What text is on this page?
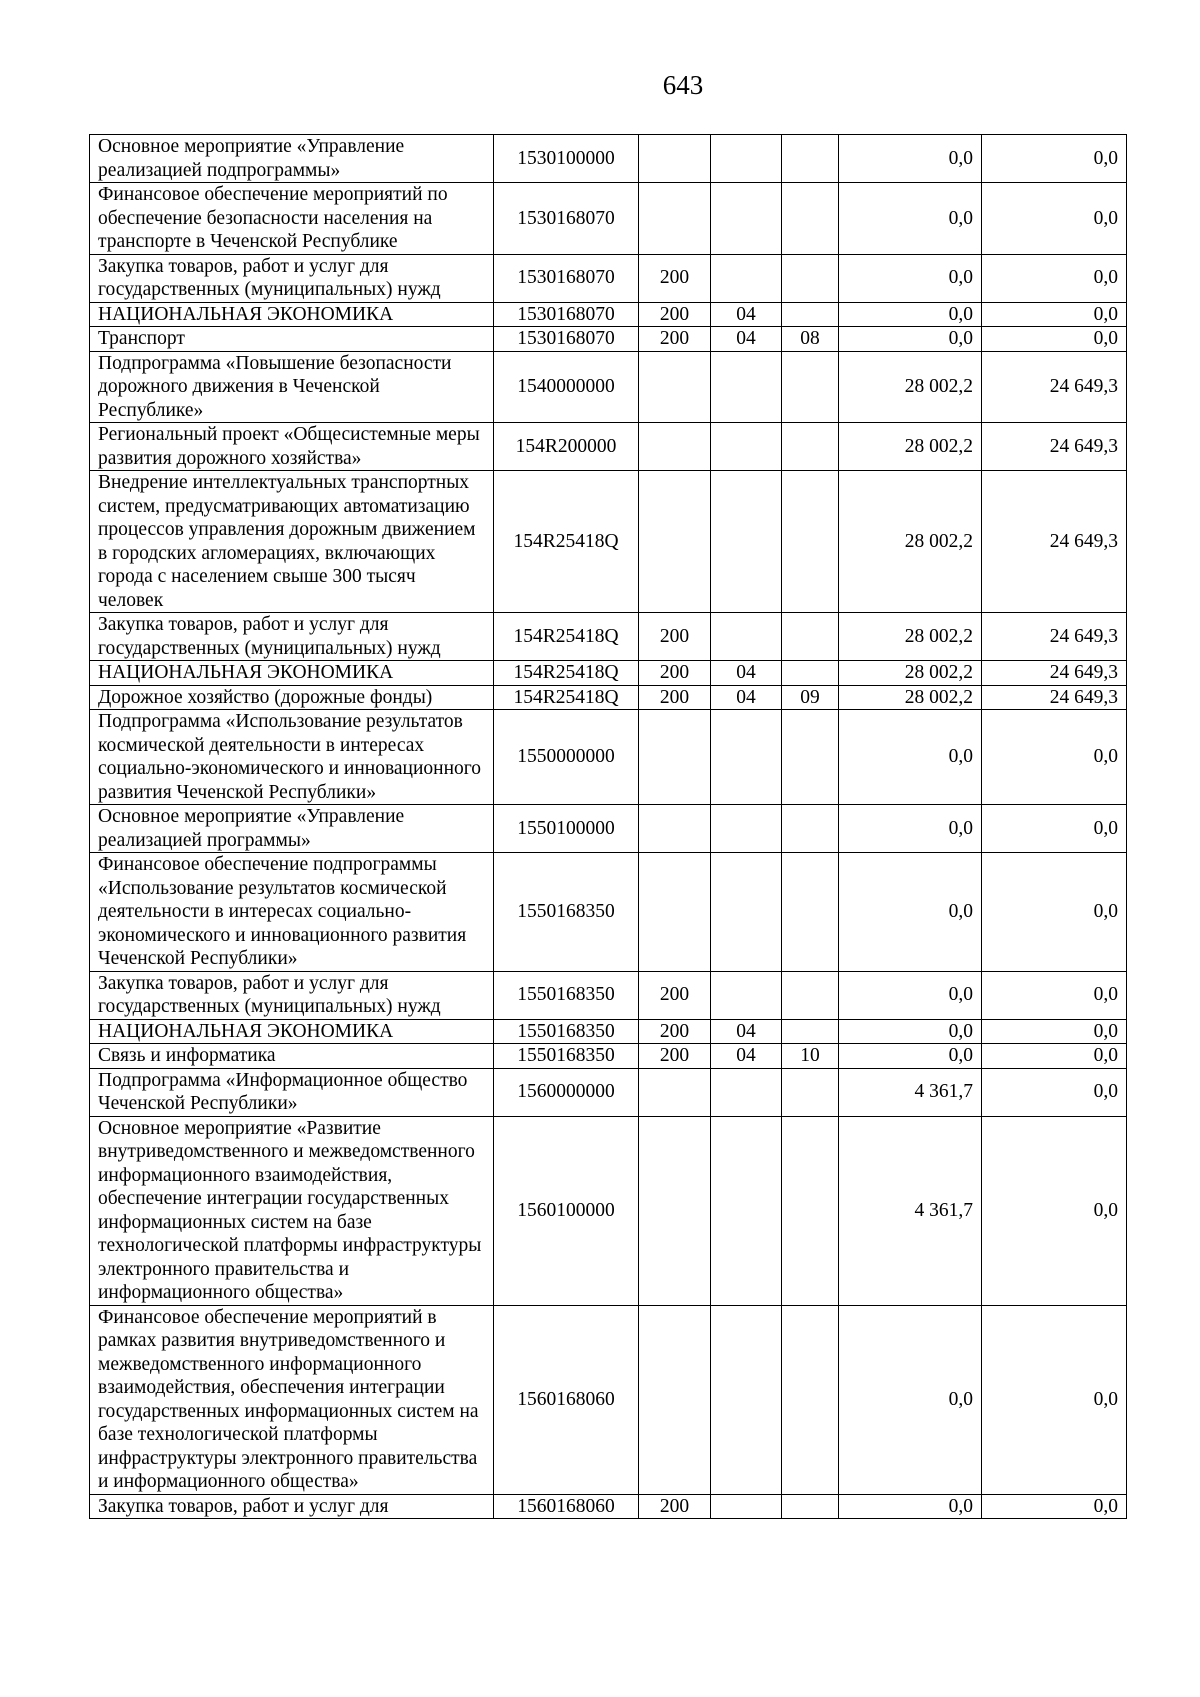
643
Основное мероприятие «Управление реализацией подпрограммы»	1530100000				0,0	0,0
Финансовое обеспечение мероприятий по обеспечение безопасности населения на транспорте в Чеченской Республике	1530168070				0,0	0,0
Закупка товаров, работ и услуг для государственных (муниципальных) нужд	1530168070	200			0,0	0,0
НАЦИОНАЛЬНАЯ ЭКОНОМИКА	1530168070	200	04		0,0	0,0
Транспорт	1530168070	200	04	08	0,0	0,0
Подпрограмма «Повышение безопасности дорожного движения в Чеченской Республике»	1540000000				28 002,2	24 649,3
Региональный проект «Общесистемные меры развития дорожного хозяйства»	154R200000				28 002,2	24 649,3
Внедрение интеллектуальных транспортных систем, предусматривающих автоматизацию процессов управления дорожным движением в городских агломерациях, включающих города с населением свыше 300 тысяч человек	154R25418Q				28 002,2	24 649,3
Закупка товаров, работ и услуг для государственных (муниципальных) нужд	154R25418Q	200			28 002,2	24 649,3
НАЦИОНАЛЬНАЯ ЭКОНОМИКА	154R25418Q	200	04		28 002,2	24 649,3
Дорожное хозяйство (дорожные фонды)	154R25418Q	200	04	09	28 002,2	24 649,3
Подпрограмма «Использование результатов космической деятельности в интересах социально-экономического и инновационного развития Чеченской Республики»	1550000000				0,0	0,0
Основное мероприятие «Управление реализацией программы»	1550100000				0,0	0,0
Финансовое обеспечение подпрограммы «Использование результатов космической деятельности в интересах социально-экономического и инновационного развития Чеченской Республики»	1550168350				0,0	0,0
Закупка товаров, работ и услуг для государственных (муниципальных) нужд	1550168350	200			0,0	0,0
НАЦИОНАЛЬНАЯ ЭКОНОМИКА	1550168350	200	04		0,0	0,0
Связь и информатика	1550168350	200	04	10	0,0	0,0
Подпрограмма «Информационное общество Чеченской Республики»	1560000000				4 361,7	0,0
Основное мероприятие «Развитие внутриведомственного и межведомственного информационного взаимодействия, обеспечение интеграции государственных информационных систем на базе технологической платформы инфраструктуры электронного правительства и информационного общества»	1560100000				4 361,7	0,0
Финансовое обеспечение мероприятий в рамках развития внутриведомственного и межведомственного информационного взаимодействия, обеспечения интеграции государственных информационных систем на базе технологической платформы инфраструктуры электронного правительства и информационного общества»	1560168060				0,0	0,0
Закупка товаров, работ и услуг для	1560168060	200			0,0	0,0
